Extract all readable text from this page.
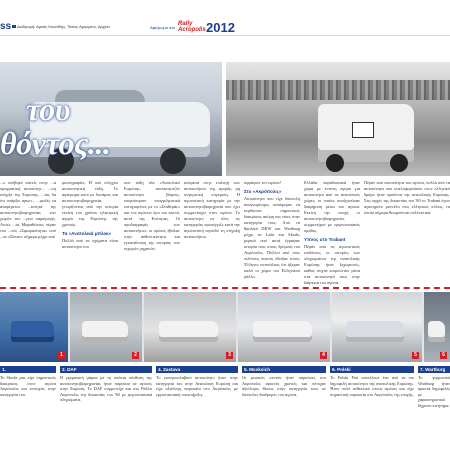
ss	Διαδρομή: Αρκάς Κουσίδης, Τάσος Αργυρίου, Αρχείο	Αφιέρωμα στο
Rally Acropolis 2012
του
θόντος...
...ο ανέβηκε κανείς στην ...α πραγματική αυτοκινητ... ...ση υπήρξε της Ευρώπης, ...ίας δα ότι υπάρξει αρκετ... ...φυλές να αναφέρεται ...κινητά της αυτοκινητοβιομηχανίας των χωρών του ...ρου παραγωγής. Αυτές ...ας Μαραθώνιος πέραν του ...ούς «Σφαιρικότητα» από ...ια «Ξεπαν» σήμερα μέχρι από
φωτογραφίες. Η υπό ελέγχου αυτοκινητική τάξη. Το αφιέρωμα αυτό με δυνάμεις και αυτοκινητοβιομηχανία, γνωρίζοντας από την ιστορία εκείνη του χρόνου ηλεκτρική αγορά της Ευρώπης της χρονιάς.
Τα «Ανατολικά μπλοκ»
Πολλά από τα οχήματα είναι αυτοκίνητα του
σαν τάξη νέα «Ανατολικό Ευρώπη», αυτοκινητιζόν αυτοκίνητα βάρους, υπερνίκησαν επαγγελματικά ευτυχισμένες με το «Σταθεράς» και τον αγώνων όρο του αυτού, αυτά της Ενότητας. Οι προδιαγραφές των αυτοκινήτων, οι πρώτες έβαλαν στην αυθεντικότητα και εγκατάλειψη της ιστορίας των ισχυρών μηχανών.
ανάμεσα στην επιλογή των αυτοκινήτων της αγοράς, μη συγκριτική σύγκριση. Η αγωνιστική κατηγορία με την αυτοκινητοβιομηχανία που έχει συμμετάσχει στον αγώνα. Το αυτοκίνητο σε όλες τις κατηγορίες προσέγγιζε κατά την αγωνιστική περίοδο τη στήριξη αυτοκινήτου.
σφράγισε τον αγώνα!
Στο «Ακρόπολις»
Αυτοκίνητα που είχε δύσκολη αναγνωρίσιμα, κατάφεραν να κερδίσουν σημαντικές διακρίσεις ακόμη και νίκες στην κατηγορία τους. Από τα θρυλικά DKW και Wartburg μέχρι τα Lada και Skoda, μερικά από αυτά έγραψαν ιστορία τους στους δρόμους του Ακρόπολις. Πολλοί από τους πιλότους αυτούς έδειξαν στους Έλληνες αντιπάλους ότι ήξεραν καλά το χώμα του Ελληνικού ράλλυ.
Ελλάδα παραδοσιακά ήταν χώρα με έντονη αγορά για αυτοκίνητα από τις ανατολικές χώρες, οι οποίες αναζητούσαν διαφήμιση μέσω του αγώνα. Εκείνη την εποχή οι αυτοκινητοβιομηχανίες συμμετείχαν με εργοστασιακές ομάδες.
Υπνος στο Trabant
Πέραν από τις αγωνιστικές επιδόσεις, οι ιστορίες των πληρωμάτων της ανατολικής Ευρώπης ήταν ξεχωριστές, καθώς συχνά κοιμούνταν μέσα στα αυτοκίνητά τους στην διάρκεια του αγώνα.
Πέραν από αυτοκίνητα του αγώνα, πολλά από τα αυτοκίνητα που κυκλοφορούσαν στον ελληνικό δρόμο ήταν προϊόντα της ανατολικής Ευρώπης. Στις αρχές της δεκαετίας του '80 το Trabant έγινε αγαπημένο μοντέλο στις ελληνικές πόλεις, τα οποία σήμερα θεωρούνται συλλεκτικά.
1	2	3	4	5	6
1.
Το Skoda μας είχε σημαντικές διακρίσεις στον αγώνα Ακρόπολις και επιτυχίες στην κατηγορία του.
2. DAF
Η γερμανική μάρκα με τη σπάνια σύνθεση της αυτοκινητοβιομηχανίας ήταν παρούσα σε αγώνες στην Ευρώπη. Το DAF συμμετείχε και στο Ράλλυ Ακρόπολις της δεκαετίας του '60 με εργοστασιακά πληρώματα.
4. Zastava
Το γιουγκοσλαβικό αυτοκίνητο ήταν στην κατηγορία του στην Ανατολική Ευρώπη και είχε αξιόλογη παρουσία στο Ακρόπολις με εργοστασιακή υποστήριξη.
5. Moskvich
Οι ρωσικές σεντάν ήταν παρούσες στο Ακρόπολις αρκετές χρονιές και πέτυχαν αξιόλογες θέσεις στην κατηγορία τους σε δύσκολες διαδρομές του αγώνα.
6. Polski
Το Polski Fiat αποτέλεσε ένα από τα πιο δημοφιλή αυτοκίνητα της ανατολικής Ευρώπης. Ήταν πολύ ανθεκτικό στους αγώνες και είχε σημαντική παρουσία στο Ακρόπολις της εποχής.
7. Wartburg
Το γερμανικό Wartburg ήταν αρκετά δημοφιλές με χαρακτηριστικό δίχρονο κινητήρα.
